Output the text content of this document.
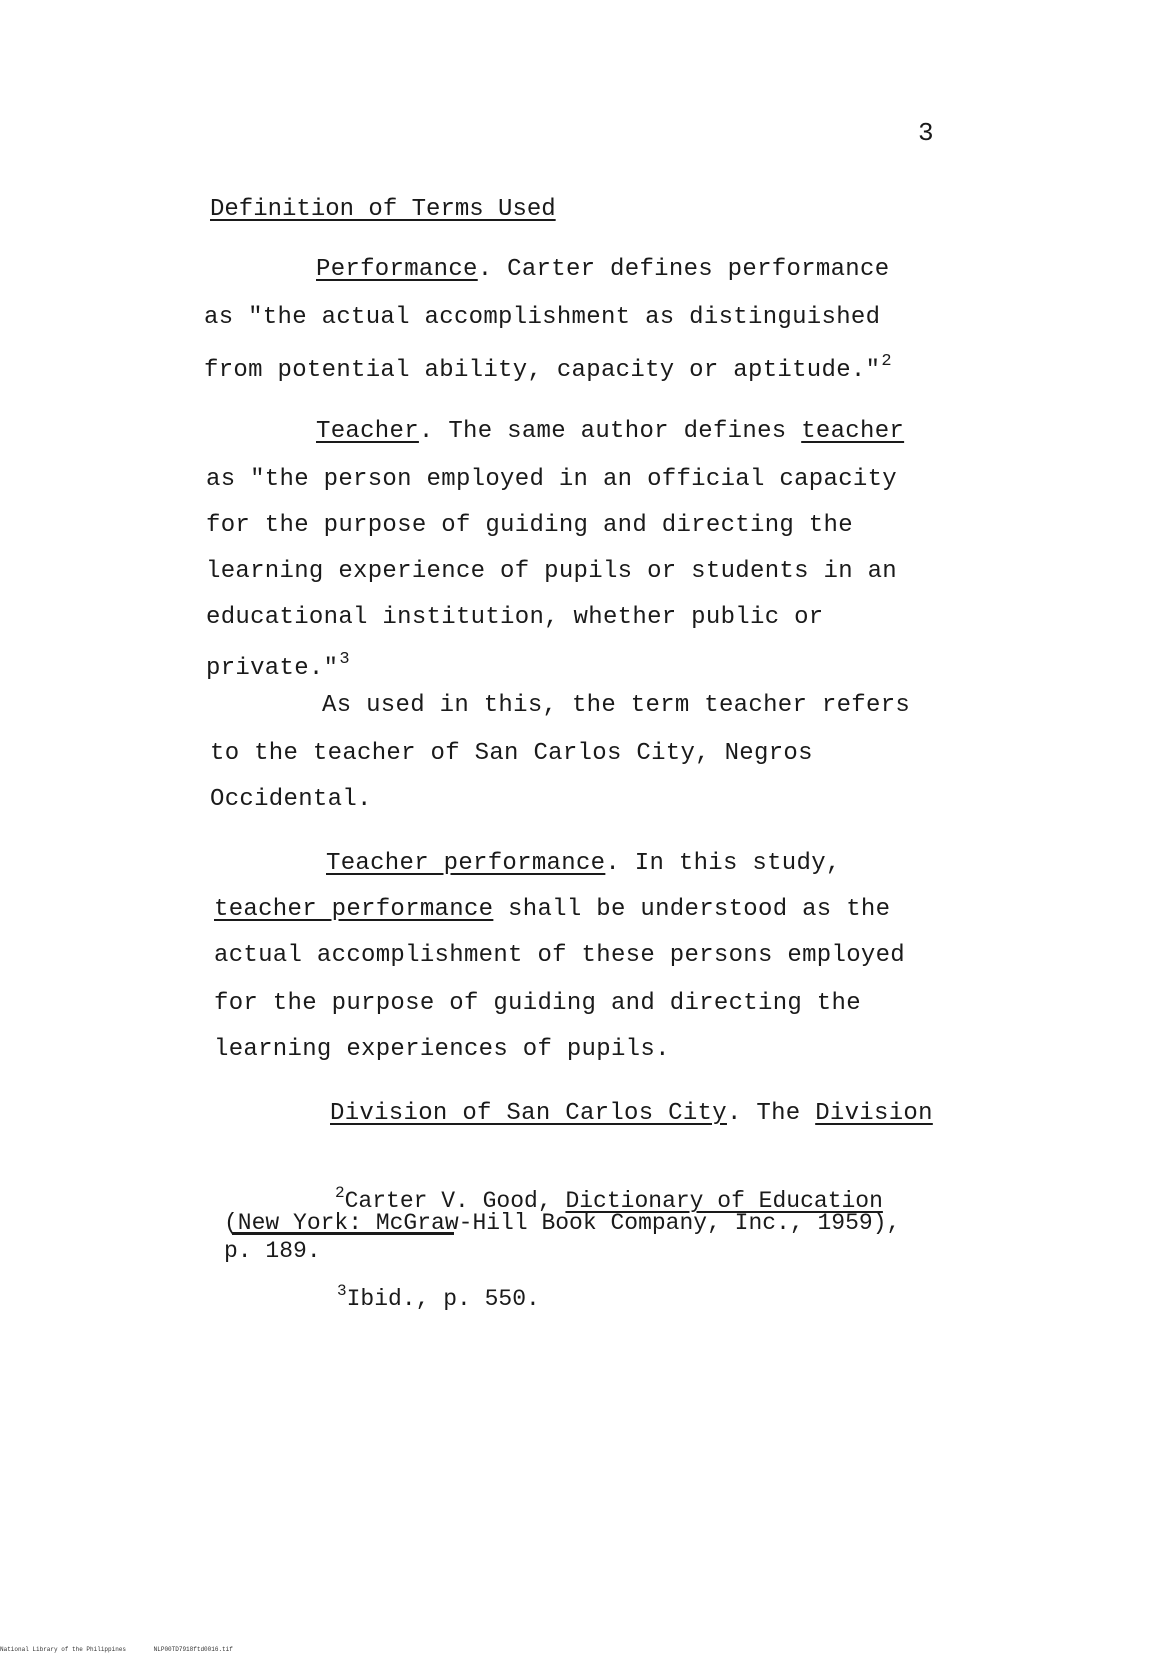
3
Definition of Terms Used
Performance. Carter defines performance
as "the actual accomplishment as distinguished
from potential ability, capacity or aptitude."$^2$
Teacher. The same author defines teacher
as "the person employed in an official capacity
for the purpose of guiding and directing the
learning experience of pupils or students in an
educational institution, whether public or
private."$^3$
As used in this, the term teacher refers
to the teacher of San Carlos City, Negros
Occidental.
Teacher performance. In this study,
teacher performance shall be understood as the
actual accomplishment of these persons employed
for the purpose of guiding and directing the
learning experiences of pupils.
Division of San Carlos City. The Division
$^2$Carter V. Good, Dictionary of Education
(New York: McGraw-Hill Book Company, Inc., 1959),
p. 189.
$^3$Ibid., p. 550.
National Library of the Philippines	NLP00TD7918ftd0016.tif
